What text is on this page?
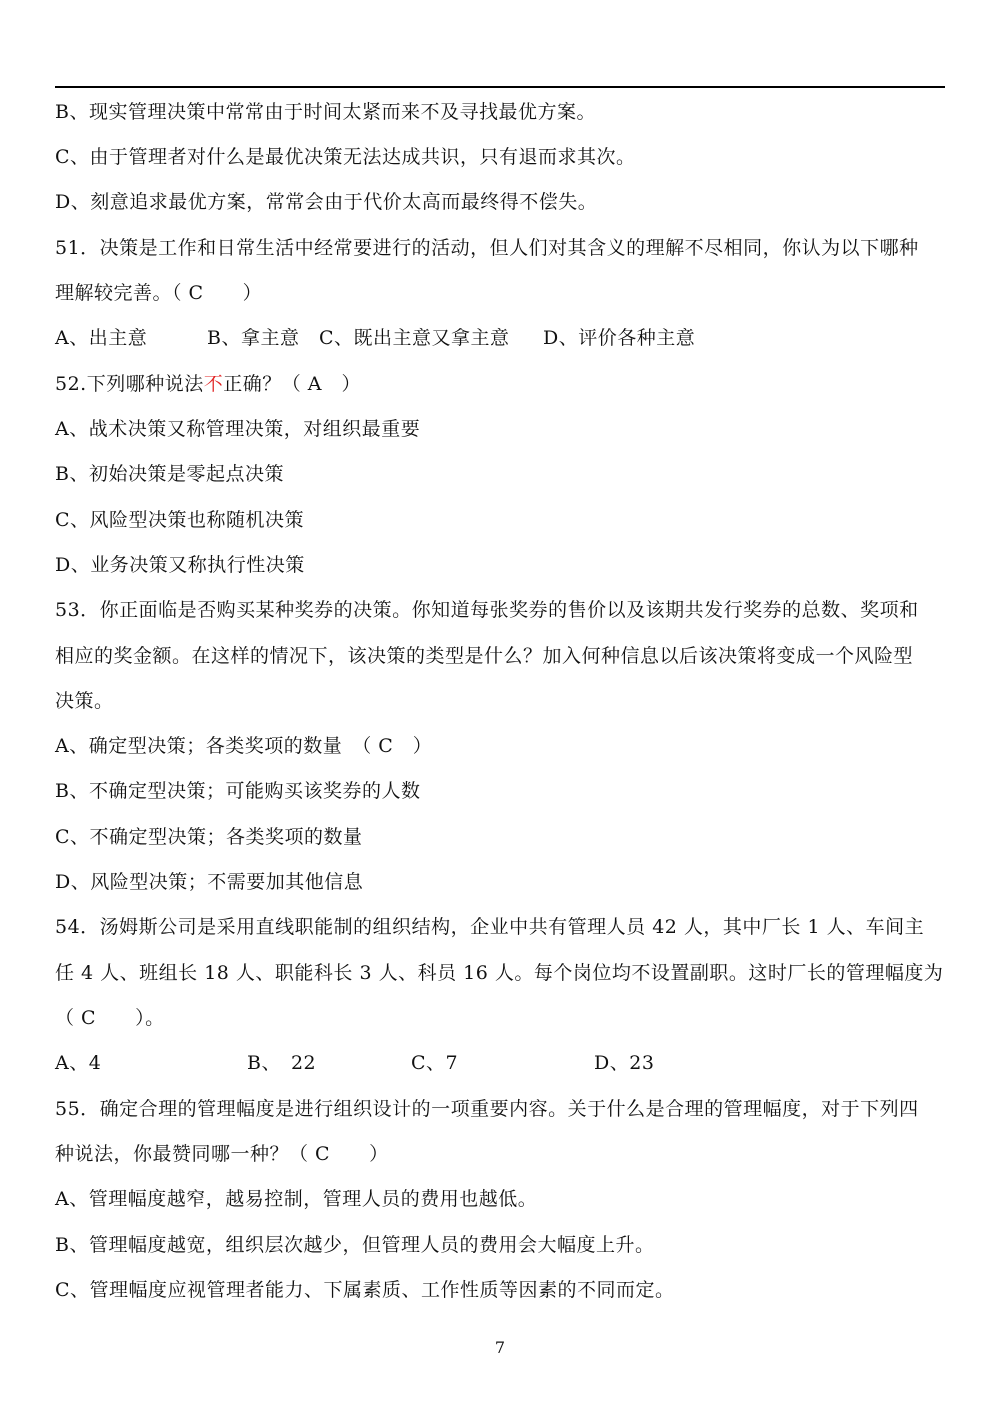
B、现实管理决策中常常由于时间太紧而来不及寻找最优方案。
C、由于管理者对什么是最优决策无法达成共识，只有退而求其次。
D、刻意追求最优方案，常常会由于代价太高而最终得不偿失。
51．决策是工作和日常生活中经常要进行的活动，但人们对其含义的理解不尽相同，你认为以下哪种
理解较完善。（ C　　）
A、出主意	B、拿主意 C、既出主意又拿主意 D、评价各种主意
52.下列哪种说法不正确？（ A　）
A、战术决策又称管理决策，对组织最重要
B、初始决策是零起点决策
C、风险型决策也称随机决策
D、业务决策又称执行性决策
53．你正面临是否购买某种奖券的决策。你知道每张奖券的售价以及该期共发行奖券的总数、奖项和
相应的奖金额。在这样的情况下，该决策的类型是什么？加入何种信息以后该决策将变成一个风险型
决策。
A、确定型决策；各类奖项的数量　（ C　）
B、不确定型决策；可能购买该奖券的人数
C、不确定型决策；各类奖项的数量
D、风险型决策；不需要加其他信息
54．汤姆斯公司是采用直线职能制的组织结构，企业中共有管理人员 42 人，其中厂长 1 人、车间主
任 4 人、班组长 18 人、职能科长 3 人、科员 16 人。每个岗位均不设置副职。这时厂长的管理幅度为
（ C　　）。
A、4	B、　22	C、7	D、23
55．确定合理的管理幅度是进行组织设计的一项重要内容。关于什么是合理的管理幅度，对于下列四
种说法，你最赞同哪一种？（ C　　）
A、管理幅度越窄，越易控制，管理人员的费用也越低。
B、管理幅度越宽，组织层次越少，但管理人员的费用会大幅度上升。
C、管理幅度应视管理者能力、下属素质、工作性质等因素的不同而定。
7
